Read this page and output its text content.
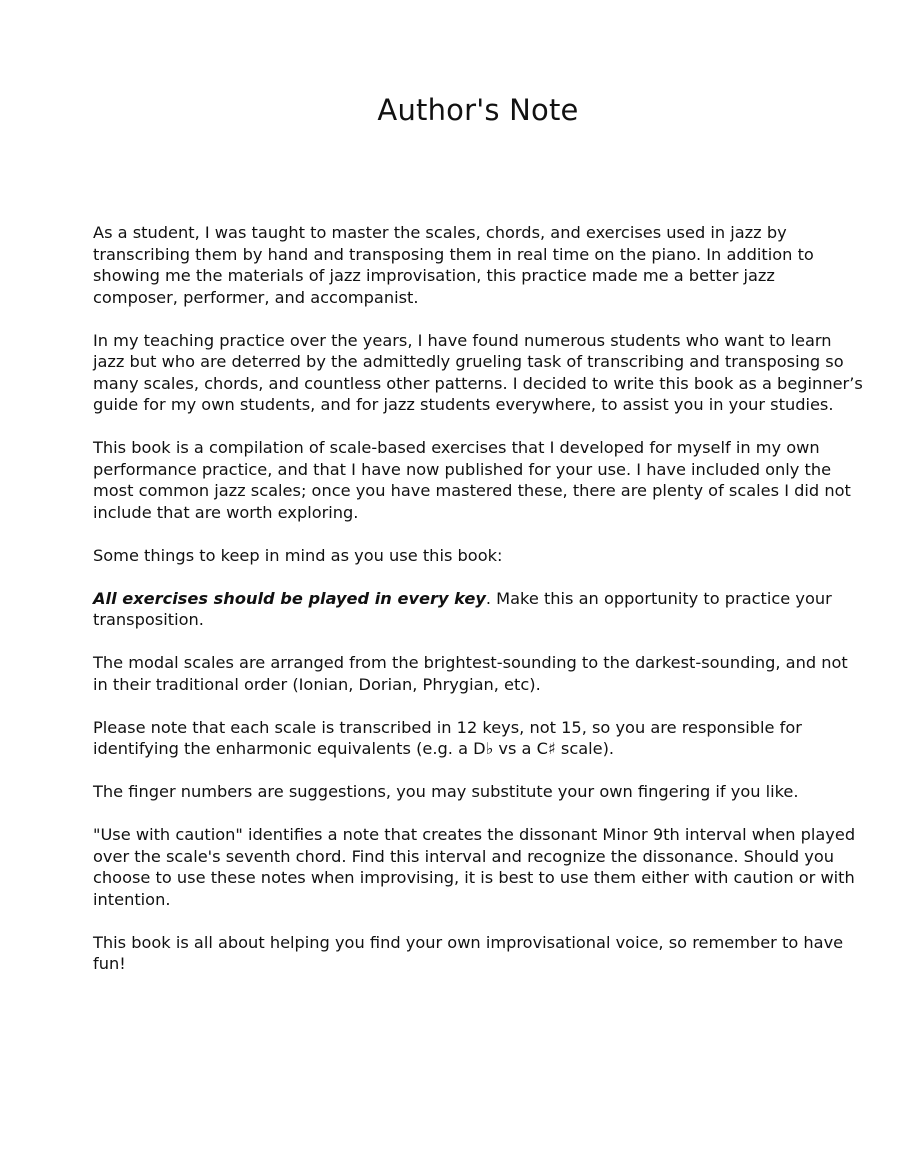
Author's Note

As a student, I was taught to master the scales, chords, and exercises used in jazz by transcribing them by hand and transposing them in real time on the piano. In addition to showing me the materials of jazz improvisation, this practice made me a better jazz composer, performer, and accompanist.

In my teaching practice over the years, I have found numerous students who want to learn jazz but who are deterred by the admittedly grueling task of transcribing and transposing so many scales, chords, and countless other patterns. I decided to write this book as a beginner’s guide for my own students, and for jazz students everywhere, to assist you in your studies.

This book is a compilation of scale-based exercises that I developed for myself in my own performance practice, and that I have now published for your use. I have included only the most common jazz scales; once you have mastered these, there are plenty of scales I did not include that are worth exploring.

Some things to keep in mind as you use this book:

All exercises should be played in every key. Make this an opportunity to practice your transposition.

The modal scales are arranged from the brightest-sounding to the darkest-sounding, and not in their traditional order (Ionian, Dorian, Phrygian, etc).

Please note that each scale is transcribed in 12 keys, not 15, so you are responsible for identifying the enharmonic equivalents (e.g. a D♭ vs a C♯ scale).

The finger numbers are suggestions, you may substitute your own fingering if you like.

"Use with caution" identifies a note that creates the dissonant Minor 9th interval when played over the scale's seventh chord. Find this interval and recognize the dissonance. Should you choose to use these notes when improvising, it is best to use them either with caution or with intention.

This book is all about helping you find your own improvisational voice, so remember to have fun!
